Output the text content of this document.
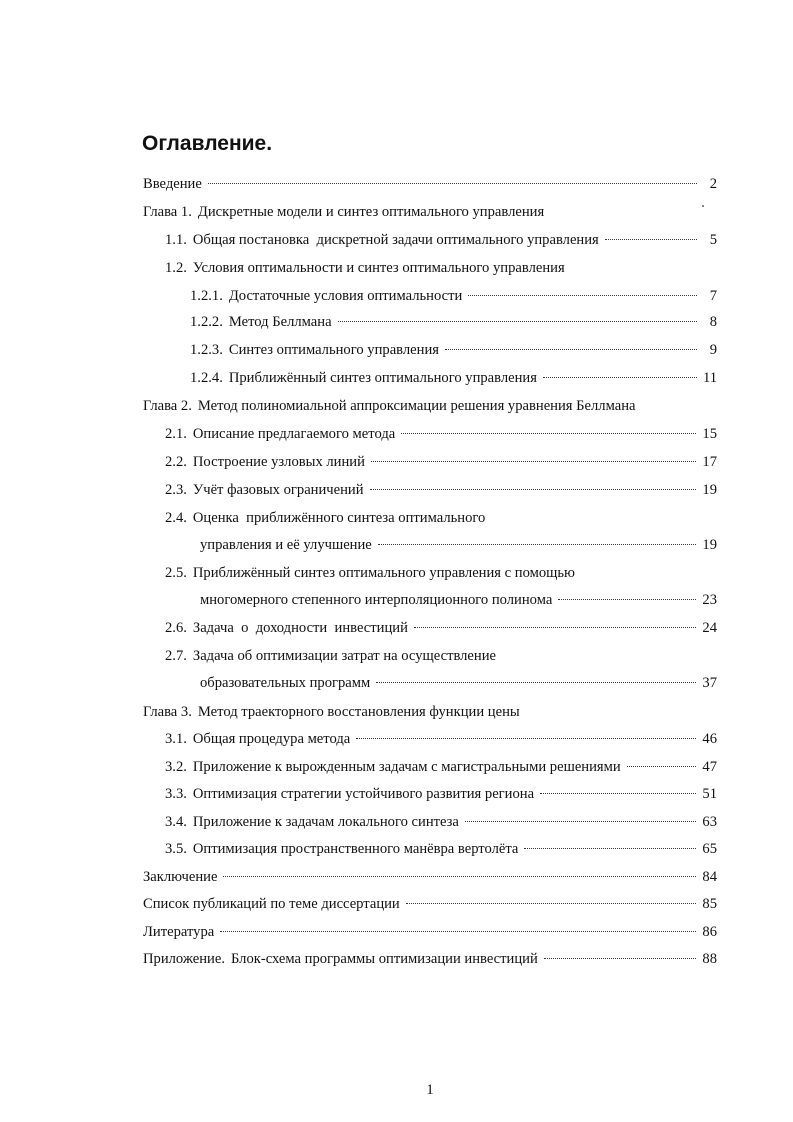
Оглавление.
Введение	2
Глава 1. Дискретные модели и синтез оптимального управления
1.1. Общая постановка  дискретной задачи оптимального управления	5
1.2. Условия оптимальности и синтез оптимального управления
1.2.1. Достаточные условия оптимальности	7
1.2.2. Метод Беллмана	8
1.2.3. Синтез оптимального управления	9
1.2.4. Приближённый синтез оптимального управления	11
Глава 2. Метод полиномиальной аппроксимации решения уравнения Беллмана
2.1. Описание предлагаемого метода	15
2.2. Построение узловых линий	17
2.3. Учёт фазовых ограничений	19
2.4. Оценка  приближённого синтеза оптимального
управления и её улучшение	19
2.5. Приближённый синтез оптимального управления с помощью
многомерного степенного интерполяционного полинома	23
2.6. Задача  о  доходности  инвестиций	24
2.7. Задача об оптимизации затрат на осуществление
образовательных программ	37
Глава 3. Метод траекторного восстановления функции цены
3.1. Общая процедура метода	46
3.2. Приложение к вырожденным задачам с магистральными решениями	47
3.3. Оптимизация стратегии устойчивого развития региона	51
3.4. Приложение к задачам локального синтеза	63
3.5. Оптимизация пространственного манёвра вертолёта	65
Заключение	84
Список публикаций по теме диссертации	85
Литература	86
Приложение. Блок-схема программы оптимизации инвестиций	88
1
